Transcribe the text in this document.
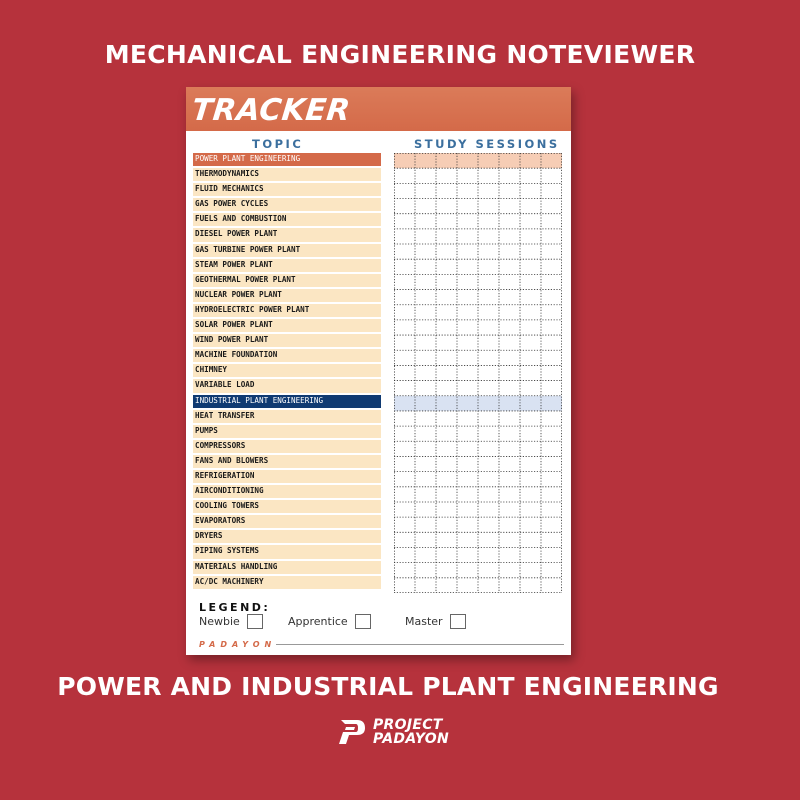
MECHANICAL ENGINEERING NOTEVIEWER
TRACKER
TOPIC	STUDY SESSIONS
POWER PLANT ENGINEERING
THERMODYNAMICS
FLUID MECHANICS
GAS POWER CYCLES
FUELS AND COMBUSTION
DIESEL POWER PLANT
GAS TURBINE POWER PLANT
STEAM POWER PLANT
GEOTHERMAL POWER PLANT
NUCLEAR POWER PLANT
HYDROELECTRIC POWER PLANT
SOLAR POWER PLANT
WIND POWER PLANT
MACHINE FOUNDATION
CHIMNEY
VARIABLE LOAD
INDUSTRIAL PLANT ENGINEERING
HEAT TRANSFER
PUMPS
COMPRESSORS
FANS AND BLOWERS
REFRIGERATION
AIRCONDITIONING
COOLING TOWERS
EVAPORATORS
DRYERS
PIPING SYSTEMS
MATERIALS HANDLING
AC/DC MACHINERY
LEGEND:
Newbie	Apprentice	Master
PADAYON
POWER AND INDUSTRIAL PLANT ENGINEERING
PROJECT
PADAYON
